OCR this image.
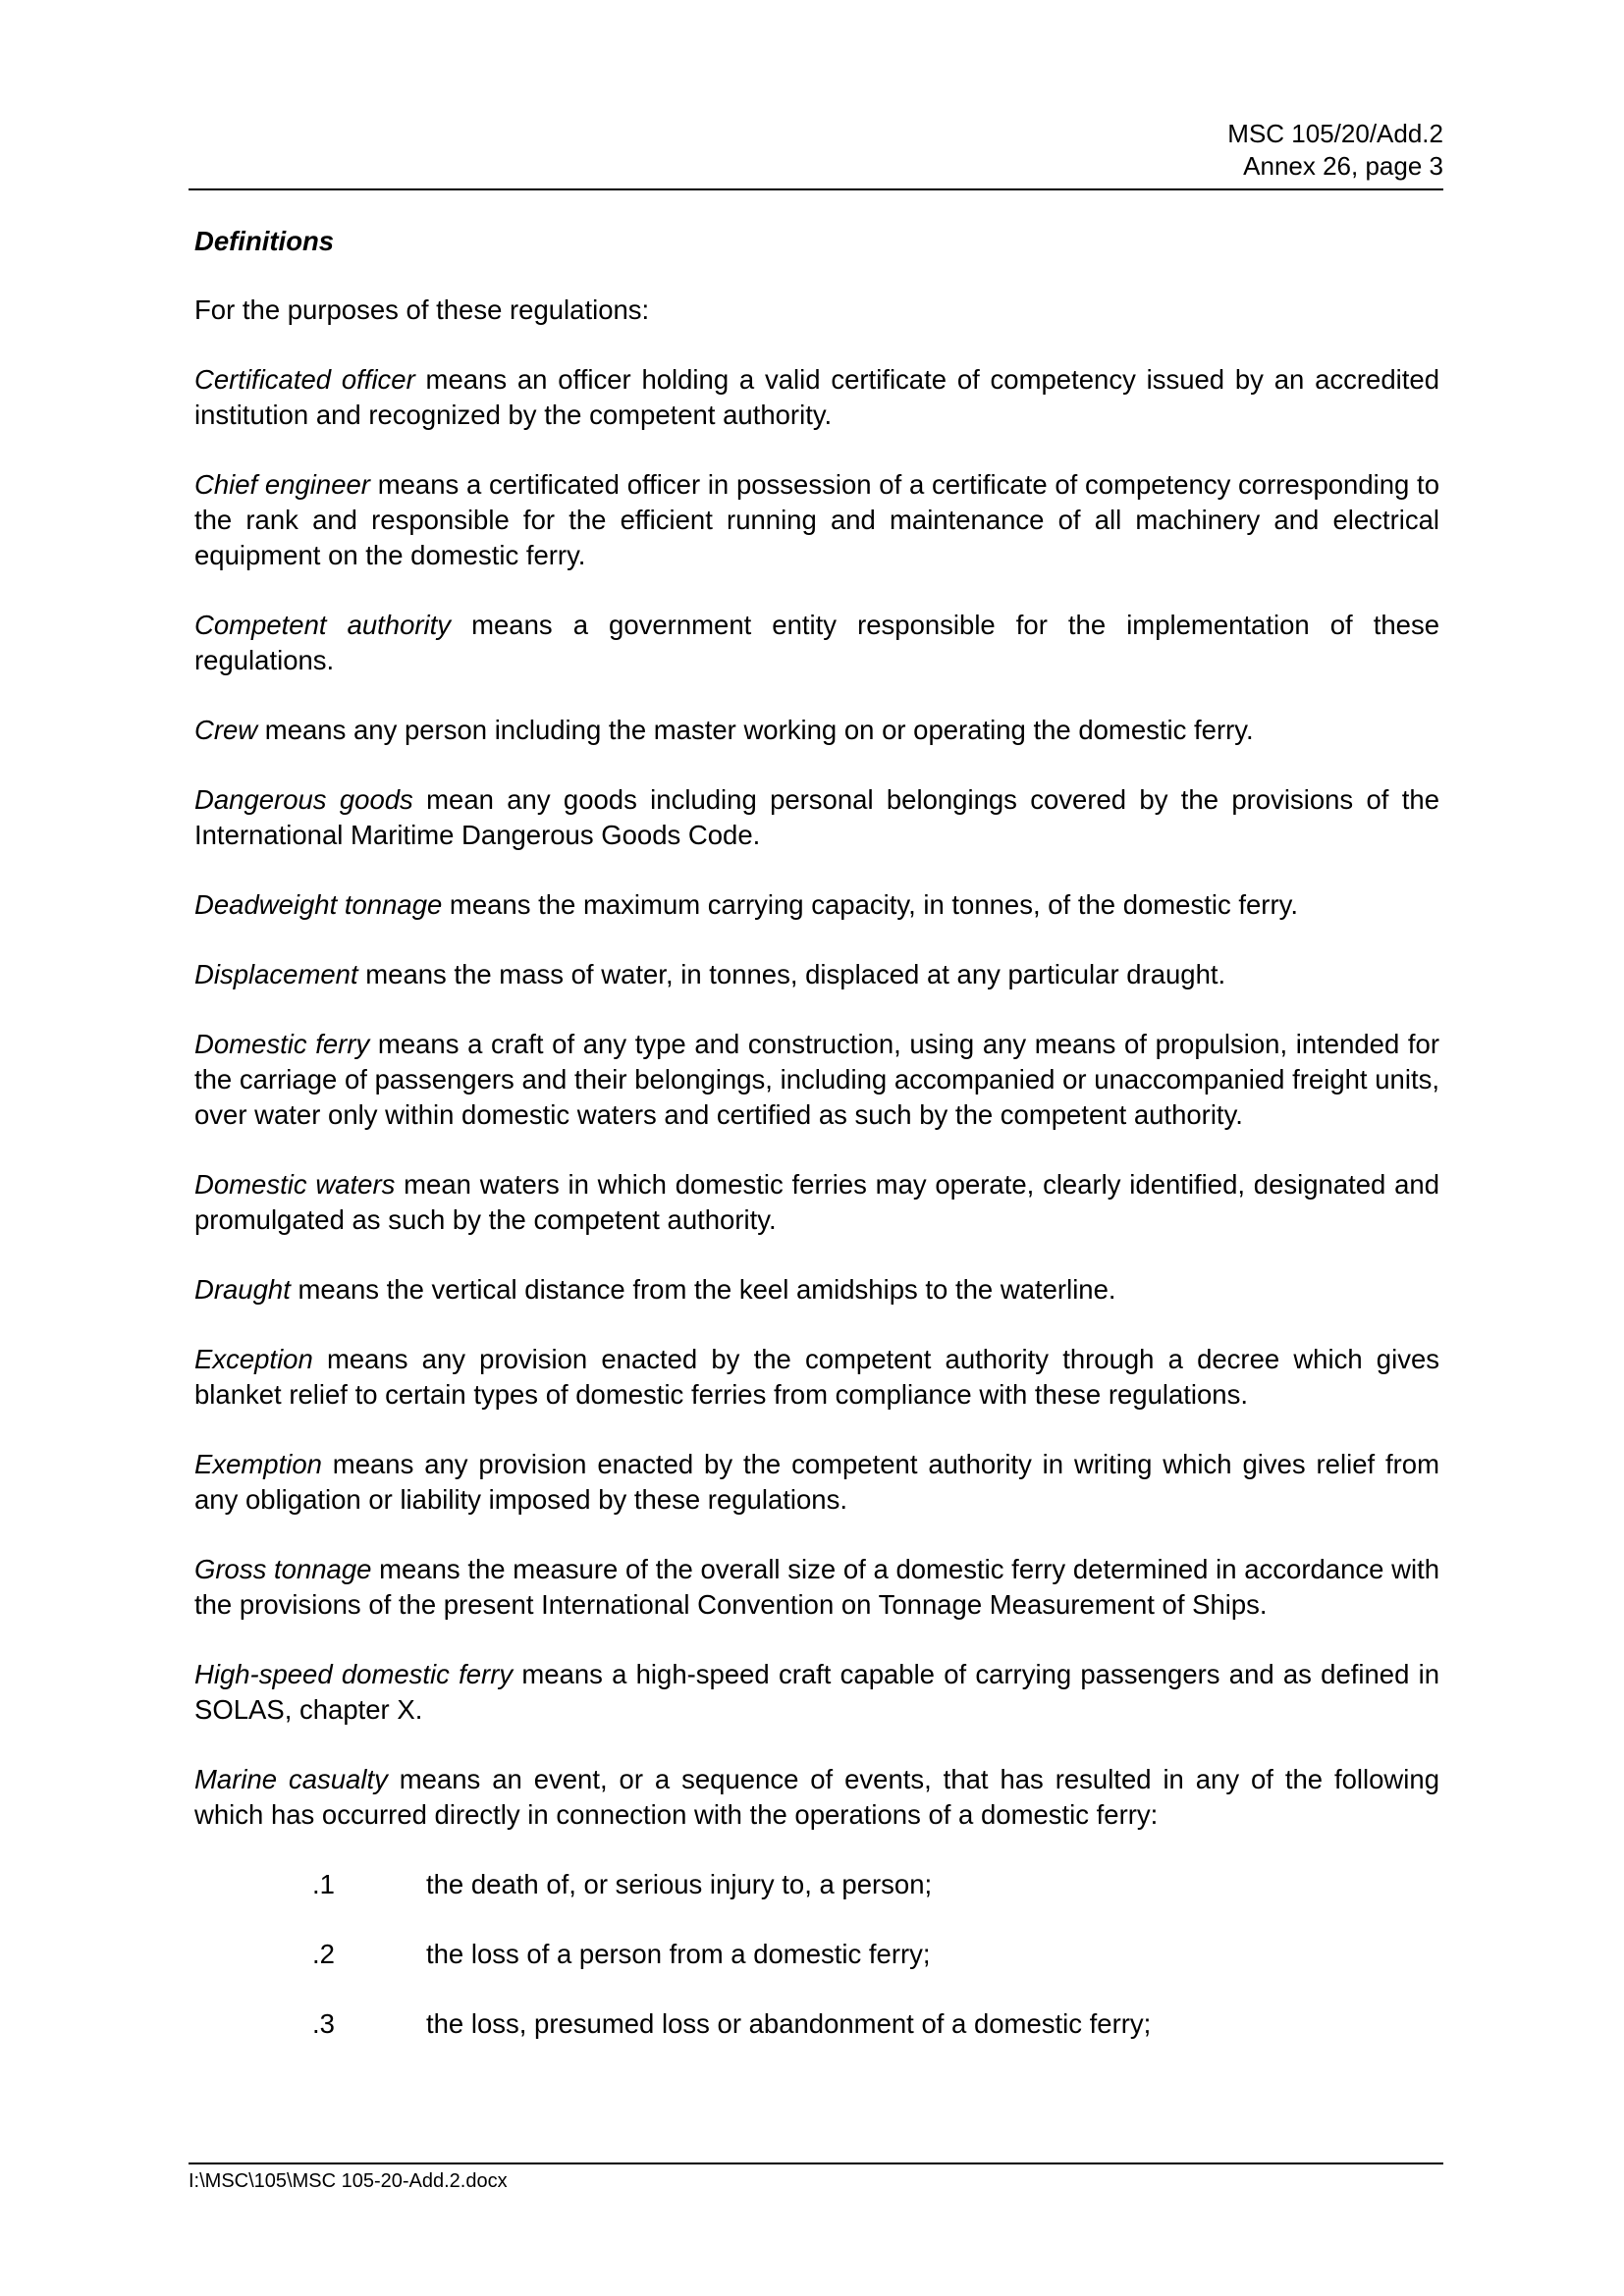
MSC 105/20/Add.2
Annex 26, page 3
Definitions

For the purposes of these regulations:

Certificated officer means an officer holding a valid certificate of competency issued by an accredited institution and recognized by the competent authority.

Chief engineer means a certificated officer in possession of a certificate of competency corresponding to the rank and responsible for the efficient running and maintenance of all machinery and electrical equipment on the domestic ferry.

Competent authority means a government entity responsible for the implementation of these regulations.

Crew means any person including the master working on or operating the domestic ferry.

Dangerous goods mean any goods including personal belongings covered by the provisions of the International Maritime Dangerous Goods Code.

Deadweight tonnage means the maximum carrying capacity, in tonnes, of the domestic ferry.

Displacement means the mass of water, in tonnes, displaced at any particular draught.

Domestic ferry means a craft of any type and construction, using any means of propulsion, intended for the carriage of passengers and their belongings, including accompanied or unaccompanied freight units, over water only within domestic waters and certified as such by the competent authority.

Domestic waters mean waters in which domestic ferries may operate, clearly identified, designated and promulgated as such by the competent authority.

Draught means the vertical distance from the keel amidships to the waterline.

Exception means any provision enacted by the competent authority through a decree which gives blanket relief to certain types of domestic ferries from compliance with these regulations.

Exemption means any provision enacted by the competent authority in writing which gives relief from any obligation or liability imposed by these regulations.

Gross tonnage means the measure of the overall size of a domestic ferry determined in accordance with the provisions of the present International Convention on Tonnage Measurement of Ships.

High-speed domestic ferry means a high-speed craft capable of carrying passengers and as defined in SOLAS, chapter X.

Marine casualty means an event, or a sequence of events, that has resulted in any of the following which has occurred directly in connection with the operations of a domestic ferry:

.1	the death of, or serious injury to, a person;
.2	the loss of a person from a domestic ferry;
.3	the loss, presumed loss or abandonment of a domestic ferry;
I:\MSC\105\MSC 105-20-Add.2.docx
